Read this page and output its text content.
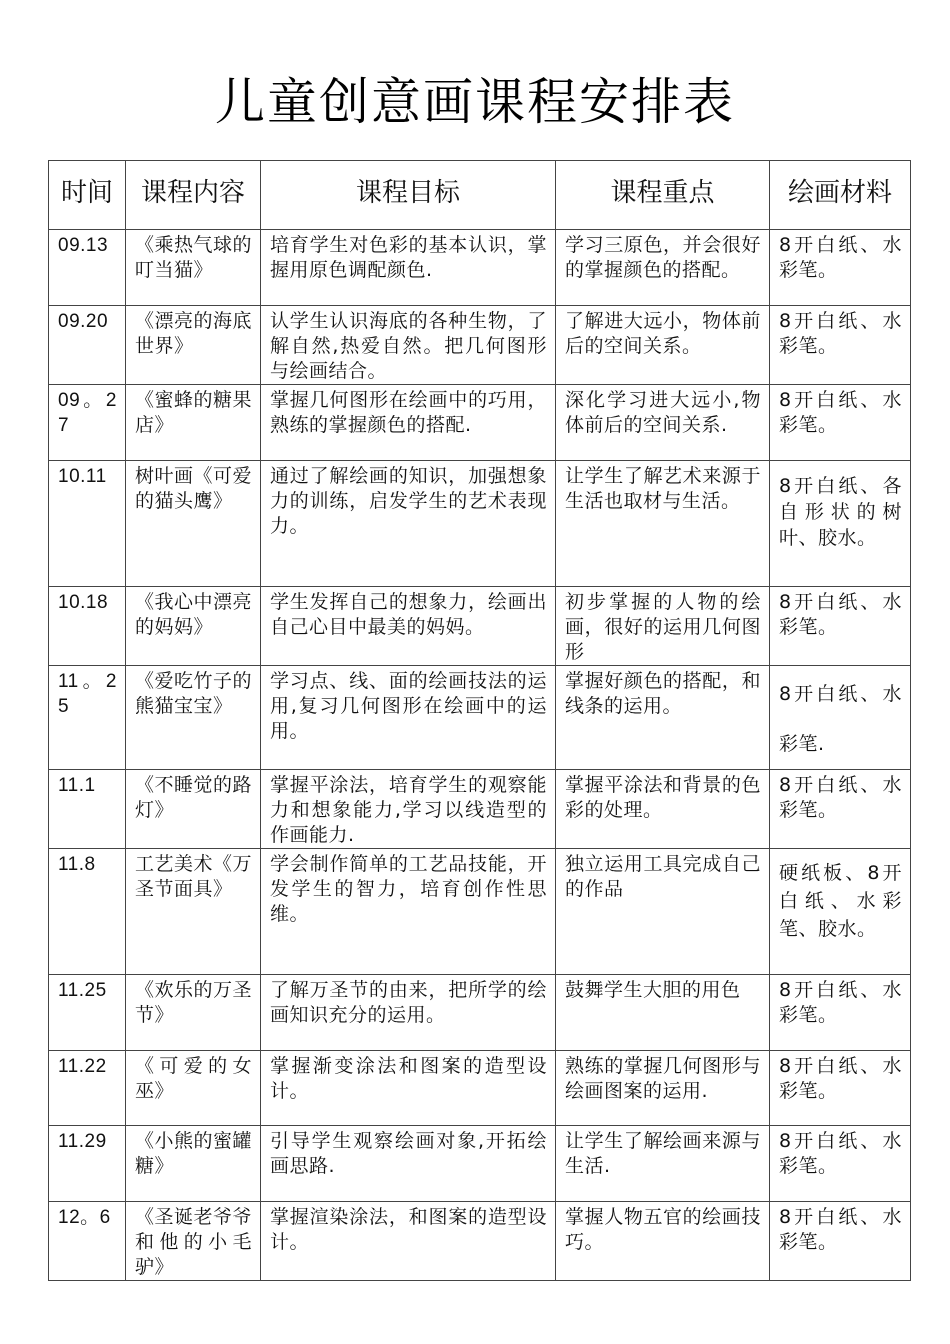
儿童创意画课程安排表
时间	课程内容	课程目标	课程重点	绘画材料
09.13	《乘热气球的叮当猫》	培育学生对色彩的基本认识，掌握用原色调配颜色.	学习三原色，并会很好的掌握颜色的搭配。	8开白纸、水彩笔。
09.20	《漂亮的海底世界》	认学生认识海底的各种生物，了解自然,热爱自然。把几何图形与绘画结合。	了解进大远小，物体前后的空间关系。	8开白纸、水彩笔。
09。27	《蜜蜂的糖果店》	掌握几何图形在绘画中的巧用，熟练的掌握颜色的搭配.	深化学习进大远小,物体前后的空间关系.	8开白纸、水彩笔。
10.11	树叶画《可爱的猫头鹰》	通过了解绘画的知识，加强想象力的训练，启发学生的艺术表现力。	让学生了解艺术来源于生活也取材与生活。	8开白纸、各自形状的树叶、胶水。
10.18	《我心中漂亮的妈妈》	学生发挥自己的想象力，绘画出自己心目中最美的妈妈。	初步掌握的人物的绘画，很好的运用几何图形	8开白纸、水彩笔。
11。25	《爱吃竹子的熊猫宝宝》	学习点、线、面的绘画技法的运用,复习几何图形在绘画中的运用。	掌握好颜色的搭配，和线条的运用。	8开白纸、水彩笔.
11.1	《不睡觉的路灯》	掌握平涂法，培育学生的观察能力和想象能力,学习以线造型的作画能力.	掌握平涂法和背景的色彩的处理。	8开白纸、水彩笔。
11.8	工艺美术《万圣节面具》	学会制作简单的工艺品技能，开发学生的智力，培育创作性思维。	独立运用工具完成自己的作品	硬纸板、8开白纸、水彩笔、胶水。
11.25	《欢乐的万圣节》	了解万圣节的由来，把所学的绘画知识充分的运用。	鼓舞学生大胆的用色	8开白纸、水彩笔。
11.22	《可爱的女巫》	掌握渐变涂法和图案的造型设计。	熟练的掌握几何图形与绘画图案的运用.	8开白纸、水彩笔。
11.29	《小熊的蜜罐糖》	引导学生观察绘画对象,开拓绘画思路.	让学生了解绘画来源与生活.	8开白纸、水彩笔。
12。6	《圣诞老爷爷和他的小毛驴》	掌握渲染涂法，和图案的造型设计。	掌握人物五官的绘画技巧。	8开白纸、水彩笔。
